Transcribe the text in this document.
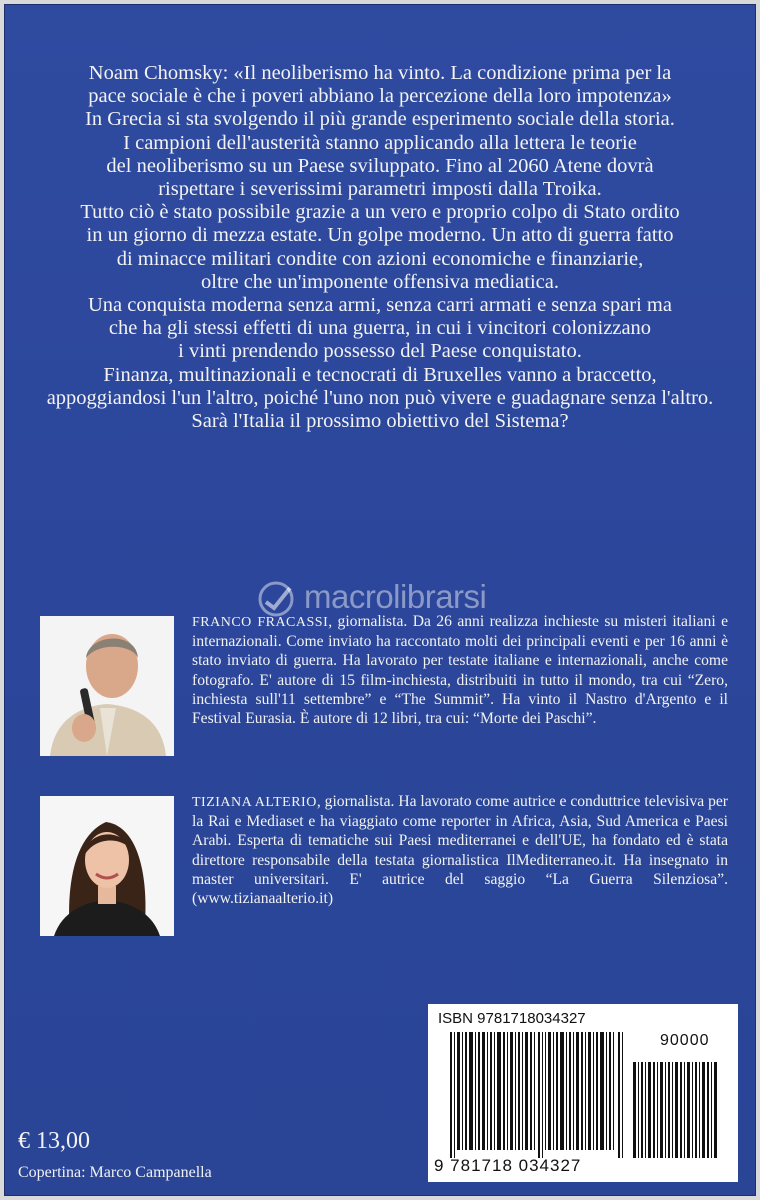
Noam Chomsky: «Il neoliberismo ha vinto. La condizione prima per la

pace sociale è che i poveri abbiano la percezione della loro impotenza»

In Grecia si sta svolgendo il più grande esperimento sociale della storia.

I campioni dell'austerità stanno applicando alla lettera le teorie

del neoliberismo su un Paese sviluppato. Fino al 2060 Atene dovrà

rispettare i severissimi parametri imposti dalla Troika.

Tutto ciò è stato possibile grazie a un vero e proprio colpo di Stato ordito

in un giorno di mezza estate. Un golpe moderno. Un atto di guerra fatto

di minacce militari condite con azioni economiche e finanziarie,

oltre che un'imponente offensiva mediatica.

Una conquista moderna senza armi, senza carri armati e senza spari ma

che ha gli stessi effetti di una guerra, in cui i vincitori colonizzano

i vinti prendendo possesso del Paese conquistato.

Finanza, multinazionali e tecnocrati di Bruxelles vanno a braccetto,

appoggiandosi l'un l'altro, poiché l'uno non può vivere e guadagnare senza l'altro.

Sarà l'Italia il prossimo obiettivo del Sistema?

macrolibrarsi
FRANCO FRACASSI, giornalista. Da 26 anni realizza inchieste su misteri italiani e internazionali. Come inviato ha raccontato molti dei principali eventi e per 16 anni è stato inviato di guerra. Ha lavorato per testate italiane e internazionali, anche come fotografo. E' autore di 15 film-inchiesta, distribuiti in tutto il mondo, tra cui “Zero, inchiesta sull'11 settembre” e “The Summit”. Ha vinto il Nastro d'Argento e il Festival Eurasia. È autore di 12 libri, tra cui: “Morte dei Paschi”.
TIZIANA ALTERIO, giornalista. Ha lavorato come autrice e conduttrice televisiva per la Rai e Mediaset e ha viaggiato come reporter in Africa, Asia, Sud America e Paesi Arabi. Esperta di tematiche sui Paesi mediterranei e dell'UE, ha fondato ed è stata direttore responsabile della testata giornalistica IlMediterraneo.it. Ha insegnato in master universitari. E' autrice del saggio “La Guerra Silenziosa”. (www.tizianaalterio.it)
ISBN 9781718034327
90000
9 781718 034327
€ 13,00
Copertina: Marco Campanella
